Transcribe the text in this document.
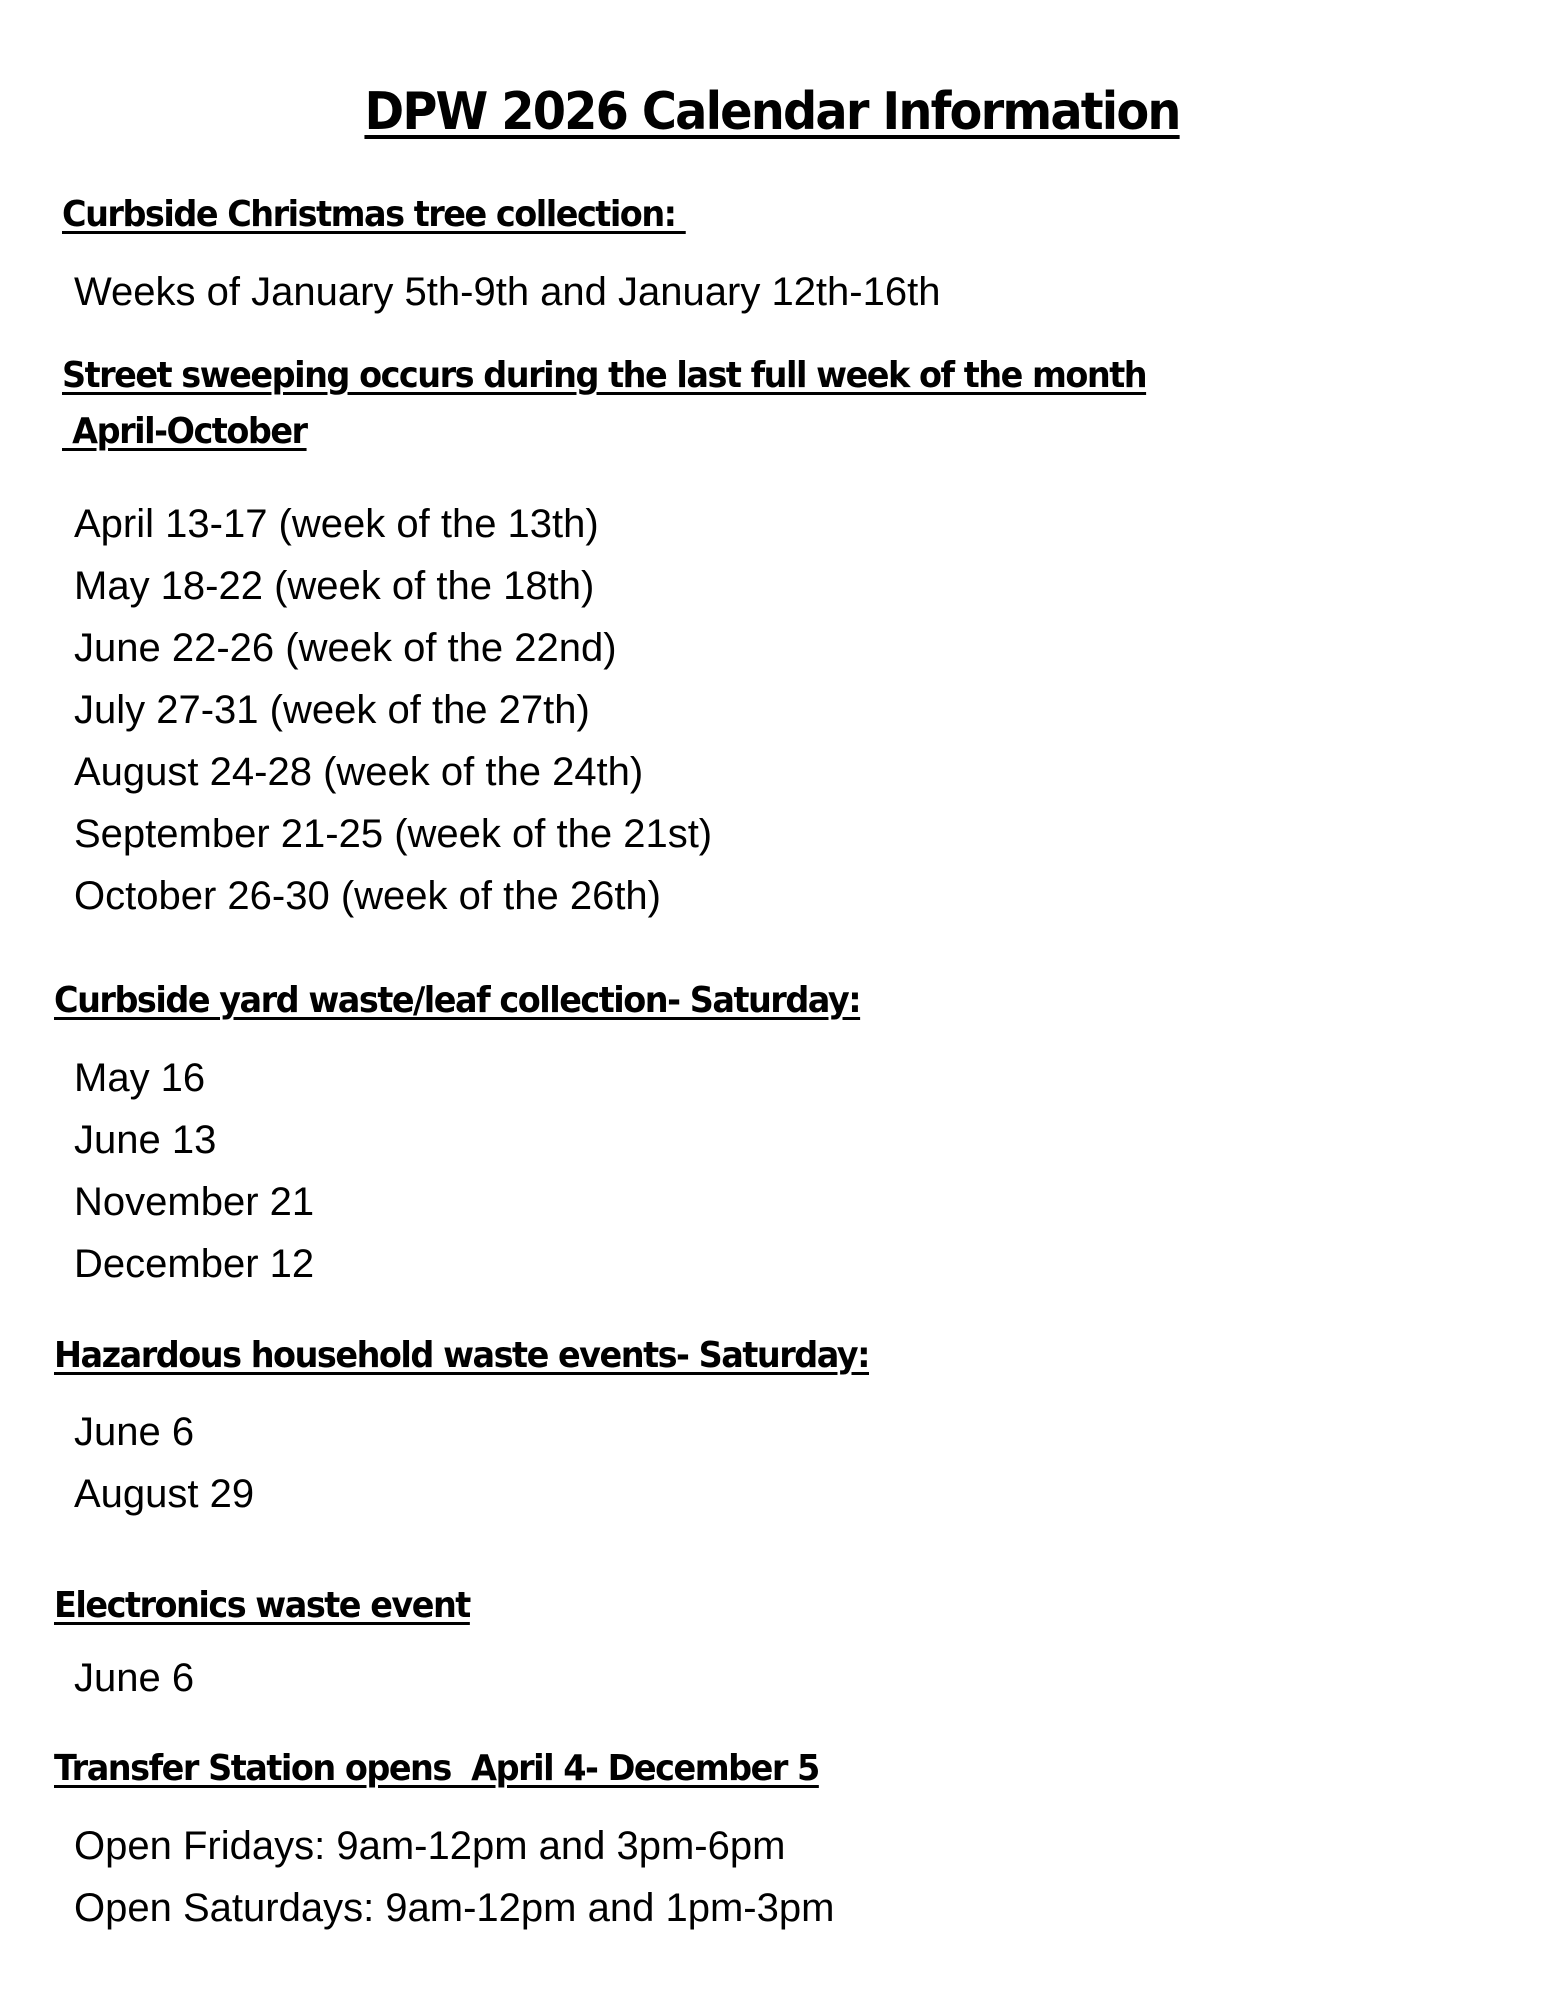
DPW 2026 Calendar Information
Curbside Christmas tree collection:
Weeks of January 5th-9th and January 12th-16th
Street sweeping occurs during the last full week of the month
April-October
April 13-17 (week of the 13th)
May 18-22 (week of the 18th)
June 22-26 (week of the 22nd)
July 27-31 (week of the 27th)
August 24-28 (week of the 24th)
September 21-25 (week of the 21st)
October 26-30 (week of the 26th)
Curbside yard waste/leaf collection- Saturday:
May 16
June 13
November 21
December 12
Hazardous household waste events- Saturday:
June 6
August 29
Electronics waste event
June 6
Transfer Station opens  April 4- December 5
Open Fridays: 9am-12pm and 3pm-6pm
Open Saturdays: 9am-12pm and 1pm-3pm
